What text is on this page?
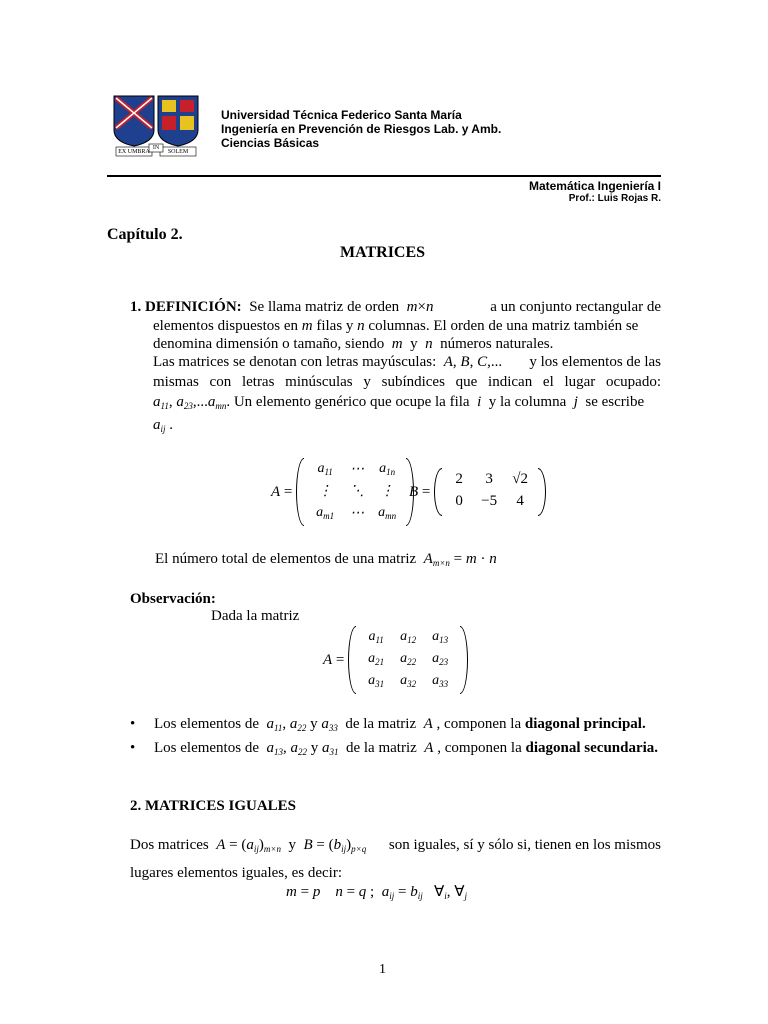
EX UMBRA
IN
SOLEM
Universidad Técnica Federico Santa María
Ingeniería en Prevención de Riesgos Lab. y Amb.
Ciencias Básicas
Matemática Ingeniería I
Prof.: Luis Rojas R.
Capítulo 2.
MATRICES
1. DEFINICIÓN: Se llama matriz de orden m×n	a un conjunto rectangular de
elementos dispuestos en m filas y n columnas. El orden de una matriz también se
denomina dimensión o tamaño, siendo m y n números naturales.
Las matrices se denotan con letras mayúsculas: A, B, C,... y los elementos de las
mismas con letras minúsculas y subíndices que indican el lugar ocupado:
$a_{11}$, $a_{23},...a_{mn}$. Un elemento genérico que ocupe la fila i y la columna j se escribe
$a_{ij}$ .
A =
$a_{11}$ ⋯ $a_{1n}$
⋮ ⋱ ⋮
$a_{m1}$ ⋯ $a_{mn}$
B =
2 3 √2
0 −5 4
El número total de elementos de una matriz $A_{m\times n} = m \cdot n$
Observación:
Dada la matriz
A =
$a_{11}$ $a_{12}$ $a_{13}$
$a_{21}$ $a_{22}$ $a_{23}$
$a_{31}$ $a_{32}$ $a_{33}$
• Los elementos de $a_{11}$, $a_{22}$ y $a_{33}$ de la matriz A , componen la diagonal principal.
• Los elementos de $a_{13}$, $a_{22}$ y $a_{31}$ de la matriz A , componen la diagonal secundaria.
2. MATRICES IGUALES
Dos matrices $A = (a_{ij})_{m\times n}$ y $B = (b_{ij})_{p\times q}$ son iguales, sí y sólo si, tienen en los mismos
lugares elementos iguales, es decir:
m = p n = q ;  $a_{ij} = b_{ij}$   $\forall_i$, $\forall_j$
1
